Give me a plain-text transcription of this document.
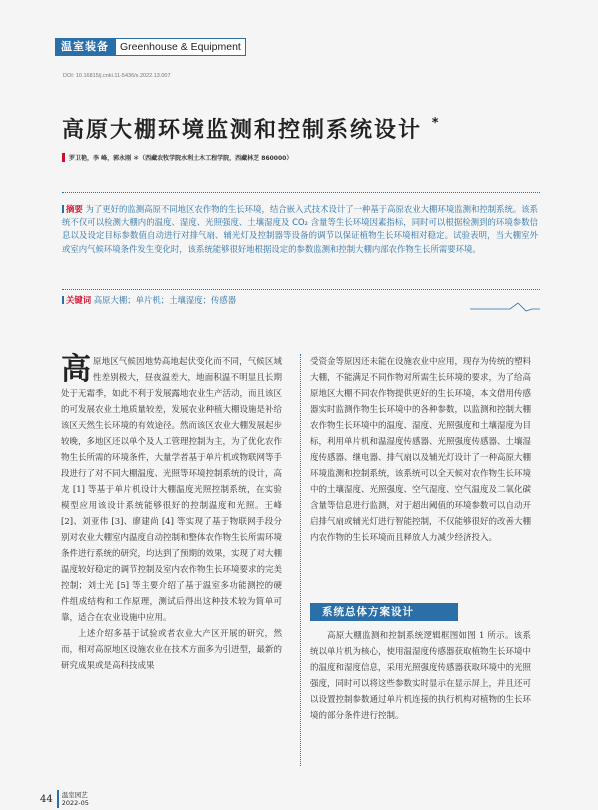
温室装备	Greenhouse & Equipment
DOI: 10.16815/j.cnki.11-5436/s.2022.13.007
高原大棚环境监测和控制系统设计 *
罗卫艳，李 峰，郭永刚 ＊（西藏农牧学院水利土木工程学院，西藏林芝 860000）
摘要 为了更好的监测高原不同地区农作物的生长环境，结合嵌入式技术设计了一种基于高原农业大棚环境监测和控制系统。该系统不仅可以检测大棚内的温度、湿度、光照强度、土壤湿度及 CO₂ 含量等生长环境因素指标，同时可以根据检测到的环境参数信息以及设定目标参数值自动进行对排气扇、辅光灯及控制器等设备的调节以保证植物生长环境相对稳定。试验表明，当大棚室外或室内气候环境条件发生变化时，该系统能够很好地根据设定的参数监测和控制大棚内部农作物生长所需要环境。
关键词 高原大棚；单片机；土壤湿度；传感器
高 原地区气候因地势高地起伏变化而不同，气候区域性差别极大，昼夜温差大，地面积温不明显且长期处于无霜季，如此不利于发展露地农业生产活动，而且该区的可发展农业土地质量较差，发展农业种植大棚设施是补给该区天然生长环境的有效途径。然而该区农业大棚发展起步较晚，多地区还以单个及人工管理控制为主，为了优化农作物生长所需的环境条件，大量学者基于单片机或物联网等手段进行了对不同大棚温度、光照等环境控制系统的设计，高龙 [1] 等基于单片机设计大棚温度光照控制系统，在实验模型应用该设计系统能够很好的控制温度和光照。王峰 [2]、刘亚伟 [3]、廖建尚 [4] 等实现了基于物联网手段分别对农业大棚室内温度自动控制和整体农作物生长所需环境条件进行系统的研究，均达到了预期的效果，实现了对大棚温度较好稳定的调节控制及室内农作物生长环境要求的完美控制；刘士光 [5] 等主要介绍了基于温室多功能测控的硬件组成结构和工作原理，测试后得出这种技术较为简单可靠，适合在农业设施中应用。

上述介绍多基于试验或者农业大产区开展的研究，然而，相对高原地区设施农业在技术方面多为引进型，最新的研究成果或是高科技成果

受资金等原因还未能在设施农业中应用，现存为传统的塑料大棚，不能满足不同作物对所需生长环境的要求，为了给高原地区大棚不同农作物提供更好的生长环境，本文借用传感器实时监测作物生长环境中的各种参数，以监测和控制大棚农作物生长环境中的温度、湿度、光照强度和土壤湿度为目标，利用单片机和温湿度传感器、光照强度传感器、土壤湿度传感器、继电器、排气扇以及辅光灯设计了一种高原大棚环境监测和控制系统，该系统可以全天候对农作物生长环境中的土壤湿度、光照强度、空气湿度、空气温度及二氧化碳含量等信息进行监测，对于超出阈值的环境参数可以自动开启排气扇或辅光灯进行智能控制，不仅能够很好的改善大棚内农作物的生长环境而且释放人力减少经济投入。

系统总体方案设计

高原大棚监测和控制系统逻辑框图如图 1 所示。该系统以单片机为核心，使用温湿度传感器获取植物生长环境中的温度和湿度信息，采用光照强度传感器获取环境中的光照强度，同时可以将这些参数实时显示在显示屏上，并且还可以设置控制参数通过单片机连接的执行机构对植物的生长环境的部分条件进行控制。

44 温室园艺
2022-05
